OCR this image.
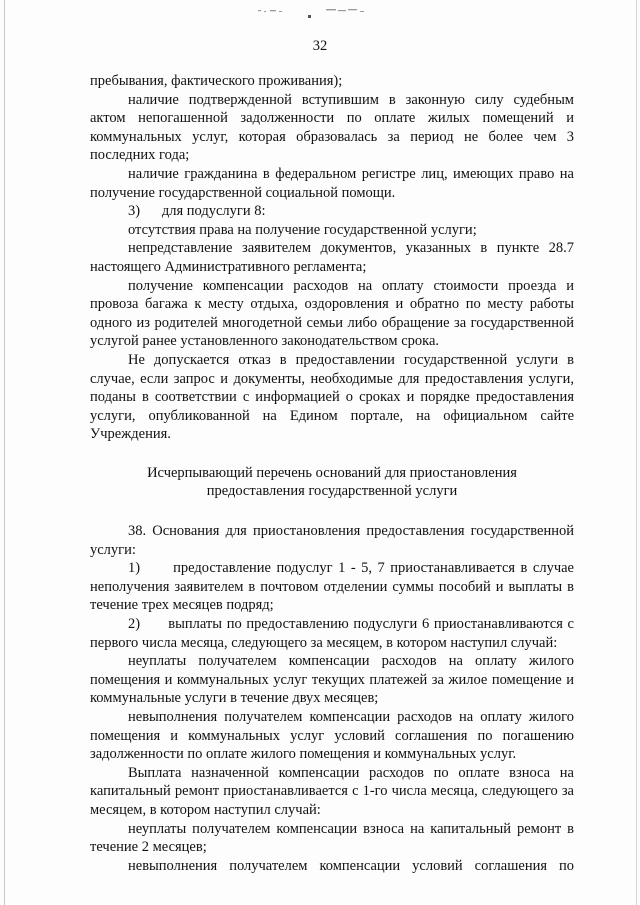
32

пребывания, фактического проживания);

наличие подтвержденной вступившим в законную силу судебным актом непогашенной задолженности по оплате жилых помещений и коммунальных услуг, которая образовалась за период не более чем 3 последних года;

наличие гражданина в федеральном регистре лиц, имеющих право на получение государственной социальной помощи.

3)      для подуслуги 8:

отсутствия права на получение государственной услуги;

непредставление заявителем документов, указанных в пункте 28.7 настоящего Административного регламента;

получение компенсации расходов на оплату стоимости проезда и провоза багажа к месту отдыха, оздоровления и обратно по месту работы одного из родителей многодетной семьи либо обращение за государственной услугой ранее установленного законодательством срока.

Не допускается отказ в предоставлении государственной услуги в случае, если запрос и документы, необходимые для предоставления услуги, поданы в соответствии с информацией о сроках и порядке предоставления услуги, опубликованной на Едином портале, на официальном сайте Учреждения.

Исчерпывающий перечень оснований для приостановления

предоставления государственной услуги

38. Основания для приостановления предоставления государственной услуги:

1)      предоставление подуслуг 1 - 5, 7 приостанавливается в случае неполучения заявителем в почтовом отделении суммы пособий и выплаты в течение трех месяцев подряд;

2)      выплаты по предоставлению подуслуги 6 приостанавливаются с первого числа месяца, следующего за месяцем, в котором наступил случай:

неуплаты получателем компенсации расходов на оплату жилого помещения и коммунальных услуг текущих платежей за жилое помещение и коммунальные услуги в течение двух месяцев;

невыполнения получателем компенсации расходов на оплату жилого помещения и коммунальных услуг условий соглашения по погашению задолженности по оплате жилого помещения и коммунальных услуг.

Выплата назначенной компенсации расходов по оплате взноса на капитальный ремонт приостанавливается с 1-го числа месяца, следующего за месяцем, в котором наступил случай:

неуплаты получателем компенсации взноса на капитальный ремонт в течение 2 месяцев;

невыполнения получателем компенсации условий соглашения по
